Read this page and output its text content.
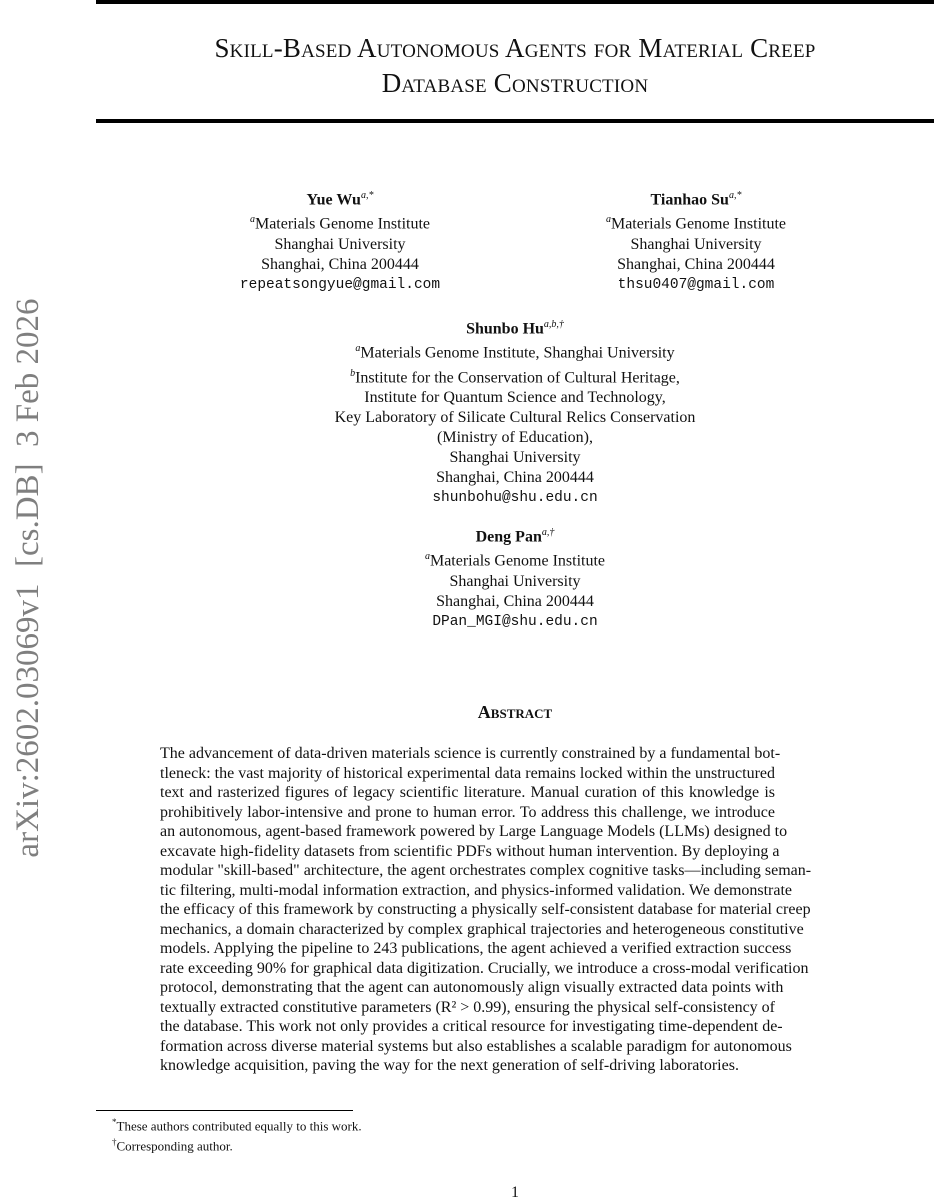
arXiv:2602.03069v1  [cs.DB]  3 Feb 2026
Skill-Based Autonomous Agents for Material Creep
Database Construction
Yue $Wu^{a,*}$
$^a$Materials Genome Institute
Shanghai University
Shanghai, China 200444
repeatsongyue@gmail.com
Tianhao $Su^{a,*}$
$^a$Materials Genome Institute
Shanghai University
Shanghai, China 200444
thsu0407@gmail.com
Shunbo $Hu^{a,b,\dagger}$
$^a$Materials Genome Institute, Shanghai University
$^b$Institute for the Conservation of Cultural Heritage,
Institute for Quantum Science and Technology,
Key Laboratory of Silicate Cultural Relics Conservation
(Ministry of Education),
Shanghai University
Shanghai, China 200444
shunbohu@shu.edu.cn
Deng Pan$^{a,\dagger}$
$^a$Materials Genome Institute
Shanghai University
Shanghai, China 200444
DPan_MGI@shu.edu.cn
Abstract
The advancement of data-driven materials science is currently constrained by a fundamental bot-
tleneck: the vast majority of historical experimental data remains locked within the unstructured
text and rasterized figures of legacy scientific literature. Manual curation of this knowledge is
prohibitively labor-intensive and prone to human error. To address this challenge, we introduce
an autonomous, agent-based framework powered by Large Language Models (LLMs) designed to
excavate high-fidelity datasets from scientific PDFs without human intervention. By deploying a
modular "skill-based" architecture, the agent orchestrates complex cognitive tasks—including seman-
tic filtering, multi-modal information extraction, and physics-informed validation. We demonstrate
the efficacy of this framework by constructing a physically self-consistent database for material creep
mechanics, a domain characterized by complex graphical trajectories and heterogeneous constitutive
models. Applying the pipeline to 243 publications, the agent achieved a verified extraction success
rate exceeding 90% for graphical data digitization. Crucially, we introduce a cross-modal verification
protocol, demonstrating that the agent can autonomously align visually extracted data points with
textually extracted constitutive parameters (R² > 0.99), ensuring the physical self-consistency of
the database. This work not only provides a critical resource for investigating time-dependent de-
formation across diverse material systems but also establishes a scalable paradigm for autonomous
knowledge acquisition, paving the way for the next generation of self-driving laboratories.
*These authors contributed equally to this work.
†Corresponding author.
1
